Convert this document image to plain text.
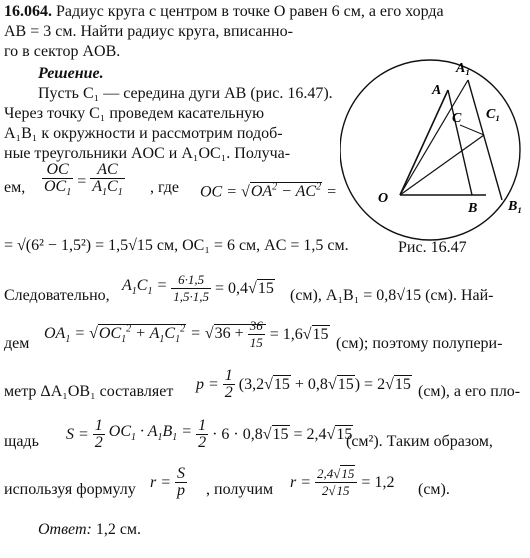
16.064. Радиус круга с центром в точке O равен 6 см, а его хорда
AB = 3 см. Найти радиус круга, вписанно-
го в сектор AOB.
Решение.
Пусть C₁ — середина дуги AB (рис. 16.47).
Через точку C₁ проведем касательную
A₁B₁ к окружности и рассмотрим подоб-
ные треугольники AOC и A₁OC₁. Получа-
ем, $\frac{OC}{OC_1} = \frac{AC}{A_1C_1}$ , где OC = $√OA^2 - AC^2$ =
= √(6² − 1,5²) = 1,5√15 см, OC₁ = 6 см, AC = 1,5 см.
Следовательно,
$A_1C_1 = \frac{6\cdot 1,5}{1,5\cdot 1,5} = 0,4√15$ (см), A₁B₁ = 0,8√15 (см). Най-
дем
$OA_1 = √OC_1^2 + A_1C_1^2 = √36 + \frac{36}{15} = 1,6√15$
(см); поэтому полупери-
метр ΔA₁OB₁ составляет $p = \frac{1}{2} (3,2√15 + 0,8√15) = 2√15$ (см), а его пло-
щадь $S = \frac{1}{2} OC_1 \cdot A_1B_1 = \frac{1}{2} \cdot 6 \cdot 0,8√15 = 2,4√15$
(см²). Таким образом,
используя формулу $r = \frac{S}{p}$ , получим $r = \frac{2,4√15}{2√15} = 1,2$ (см).
Ответ: 1,2 см.
A₁
A
C₁
C
O
B B₁
Рис. 16.47
